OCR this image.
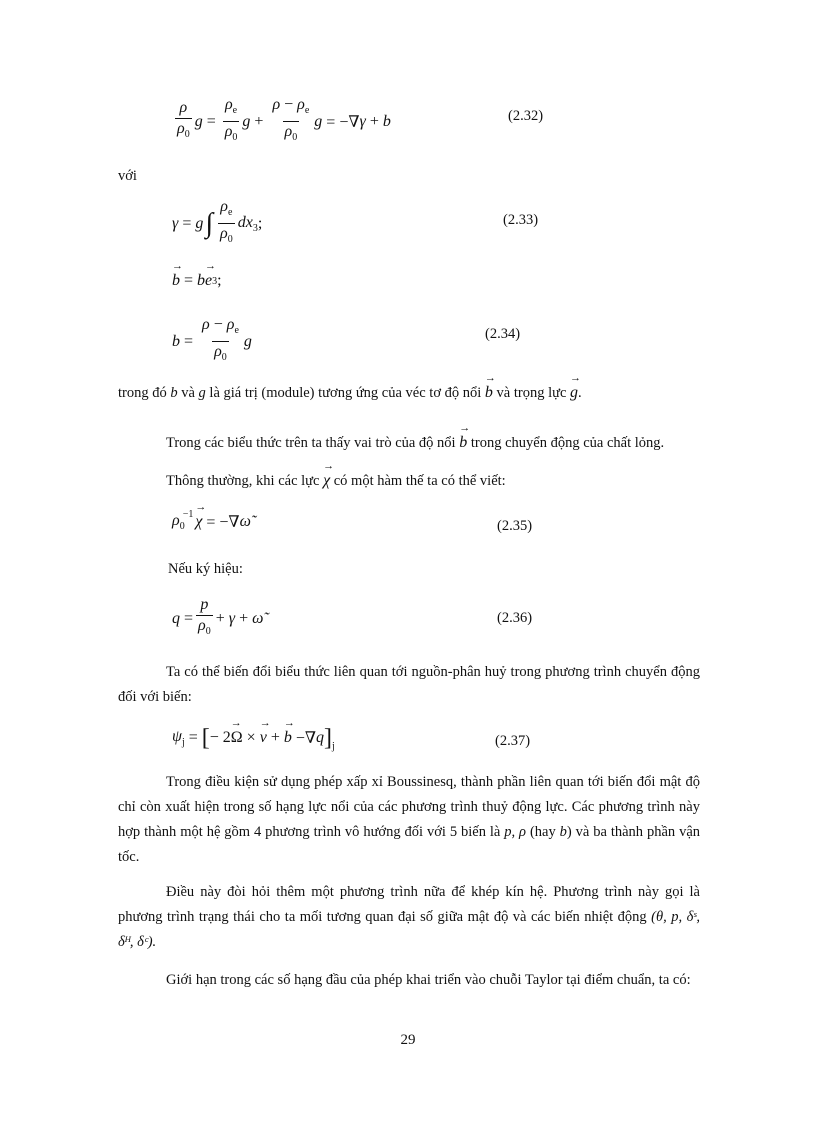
$\frac{\rho}{\rho_0}$ $g = \frac{\rho_e}{\rho_0}$ $g + \frac{\rho - \rho_e}{\rho_0}$ g = −∇ γ + b	(2.32)
với
γ = g ∫ $\frac{\rho_e}{\rho_0} dx_3$ ;	(2.33)
→ b = b → e 3 ;
$b = \frac{\rho - \rho_e}{\rho_0}$ g	(2.34)
trong đó b và g là giá trị (module) tương ứng của véc tơ độ nổi → b và trọng lực → g.
Trong các biểu thức trên ta thấy vai trò của độ nổi → b trong chuyển động của chất lỏng.
Thông thường, khi các lực → χ có một hàm thế ta có thể viết:
$\rho_0$
$^{-1}$ → χ = −∇ ω̃	(2.35)
Nếu ký hiệu:
$q = \frac{p}{\rho_0} + \gamma$ + ω̃	(2.36)
Ta có thể biến đổi biểu thức liên quan tới nguồn-phân huỷ trong phương trình chuyển động đối với biến:
$\psi_j$ = [ − 2 → Ω × → v + → b −∇ q ]$_j$	(2.37)
Trong điều kiện sử dụng phép xấp xỉ Boussinesq, thành phần liên quan tới biến đổi mật độ chỉ còn xuất hiện trong số hạng lực nổi của các phương trình thuỷ động lực. Các phương trình này hợp thành một hệ gồm 4 phương trình vô hướng đối với 5 biến là p, ρ (hay b) và ba thành phần vận tốc.
Điều này đòi hỏi thêm một phương trình nữa để khép kín hệ. Phương trình này gọi là phương trình trạng thái cho ta mối tương quan đại số giữa mật độ và các biến nhiệt động (θ, p, δˢ, δᴴ, δᶜ).
Giới hạn trong các số hạng đầu của phép khai triển vào chuỗi Taylor tại điểm chuẩn, ta có:
29
